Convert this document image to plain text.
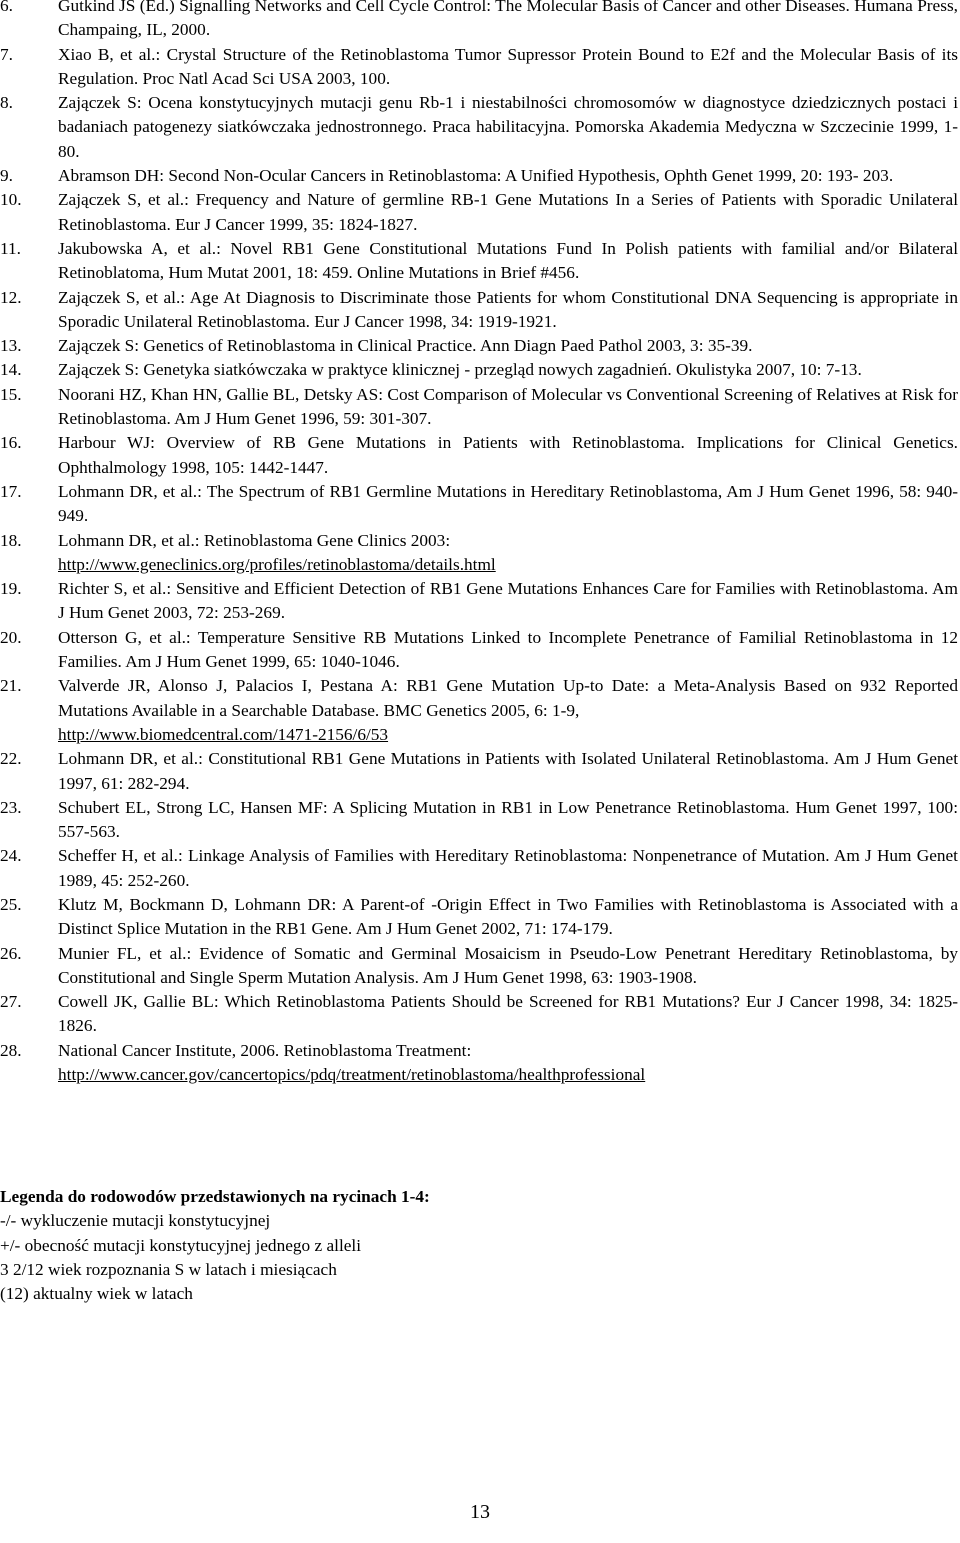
6.	Gutkind JS (Ed.) Signalling Networks and Cell Cycle Control: The Molecular Basis of Cancer and other Diseases. Humana Press, Champaing, IL, 2000.
7.	Xiao B, et al.: Crystal Structure of the Retinoblastoma Tumor Supressor Protein Bound to E2f and the Molecular Basis of its Regulation. Proc Natl Acad Sci USA 2003, 100.
8.	Zajączek S: Ocena konstytucyjnych mutacji genu Rb-1 i niestabilności chromosomów w diagnostyce dziedzicznych postaci i badaniach patogenezy siatkówczaka jednostronnego. Praca habilitacyjna. Pomorska Akademia Medyczna w Szczecinie 1999, 1-80.
9.	Abramson DH: Second Non-Ocular Cancers in Retinoblastoma: A Unified Hypothesis, Ophth Genet 1999, 20: 193- 203.
10.	Zajączek S, et al.: Frequency and Nature of germline RB-1 Gene Mutations In a Series of Patients with Sporadic Unilateral Retinoblastoma. Eur J Cancer 1999, 35: 1824-1827.
11.	Jakubowska A, et al.: Novel RB1 Gene Constitutional Mutations Fund In Polish patients with familial and/or Bilateral Retinoblatoma, Hum Mutat 2001, 18: 459. Online Mutations in Brief #456.
12.	Zajączek S, et al.: Age At Diagnosis to Discriminate those Patients for whom Constitutional DNA Sequencing is appropriate in Sporadic Unilateral Retinoblastoma. Eur J Cancer 1998, 34: 1919-1921.
13.	Zajączek S: Genetics of Retinoblastoma in Clinical Practice. Ann Diagn Paed Pathol 2003, 3: 35-39.
14.	Zajączek S: Genetyka siatkówczaka w praktyce klinicznej - przegląd nowych zagadnień. Okulistyka 2007, 10: 7-13.
15.	Noorani HZ, Khan HN, Gallie BL, Detsky AS: Cost Comparison of Molecular vs Conventional Screening of Relatives at Risk for Retinoblastoma. Am J Hum Genet 1996, 59: 301-307.
16.	Harbour WJ: Overview of RB Gene Mutations in Patients with Retinoblastoma. Implications for Clinical Genetics. Ophthalmology 1998, 105: 1442-1447.
17.	Lohmann DR, et al.: The Spectrum of RB1 Germline Mutations in Hereditary Retinoblastoma, Am J Hum Genet 1996, 58: 940-949.
18.	Lohmann DR, et al.: Retinoblastoma Gene Clinics 2003:
http://www.geneclinics.org/profiles/retinoblastoma/details.html
19.	Richter S, et al.: Sensitive and Efficient Detection of RB1 Gene Mutations Enhances Care for Families with Retinoblastoma. Am J Hum Genet 2003, 72: 253-269.
20.	Otterson G, et al.: Temperature Sensitive RB Mutations Linked to Incomplete Penetrance of Familial Retinoblastoma in 12 Families. Am J Hum Genet 1999, 65: 1040-1046.
21.	Valverde JR, Alonso J, Palacios I, Pestana A: RB1 Gene Mutation Up-to Date: a Meta-Analysis Based on 932 Reported Mutations Available in a Searchable Database. BMC Genetics 2005, 6: 1-9,
http://www.biomedcentral.com/1471-2156/6/53
22.	Lohmann DR, et al.: Constitutional RB1 Gene Mutations in Patients with Isolated Unilateral Retinoblastoma. Am J Hum Genet 1997, 61: 282-294.
23.	Schubert EL, Strong LC, Hansen MF: A Splicing Mutation in RB1 in Low Penetrance Retinoblastoma. Hum Genet 1997, 100: 557-563.
24.	Scheffer H, et al.: Linkage Analysis of Families with Hereditary Retinoblastoma: Nonpenetrance of Mutation. Am J Hum Genet 1989, 45: 252-260.
25.	Klutz M, Bockmann D, Lohmann DR: A Parent-of -Origin Effect in Two Families with Retinoblastoma is Associated with a Distinct Splice Mutation in the RB1 Gene. Am J Hum Genet 2002, 71: 174-179.
26.	Munier FL, et al.: Evidence of Somatic and Germinal Mosaicism in Pseudo-Low Penetrant Hereditary Retinoblastoma, by Constitutional and Single Sperm Mutation Analysis. Am J Hum Genet 1998, 63: 1903-1908.
27.	Cowell JK, Gallie BL: Which Retinoblastoma Patients Should be Screened for RB1 Mutations? Eur J Cancer 1998, 34: 1825-1826.
28.	National Cancer Institute, 2006. Retinoblastoma Treatment:
http://www.cancer.gov/cancertopics/pdq/treatment/retinoblastoma/healthprofessional
Legenda do rodowodów przedstawionych na rycinach 1-4:
-/- wykluczenie mutacji konstytucyjnej
+/- obecność mutacji konstytucyjnej jednego z alleli
3 2/12 wiek rozpoznania S w latach i miesiącach
(12) aktualny wiek w latach
13
